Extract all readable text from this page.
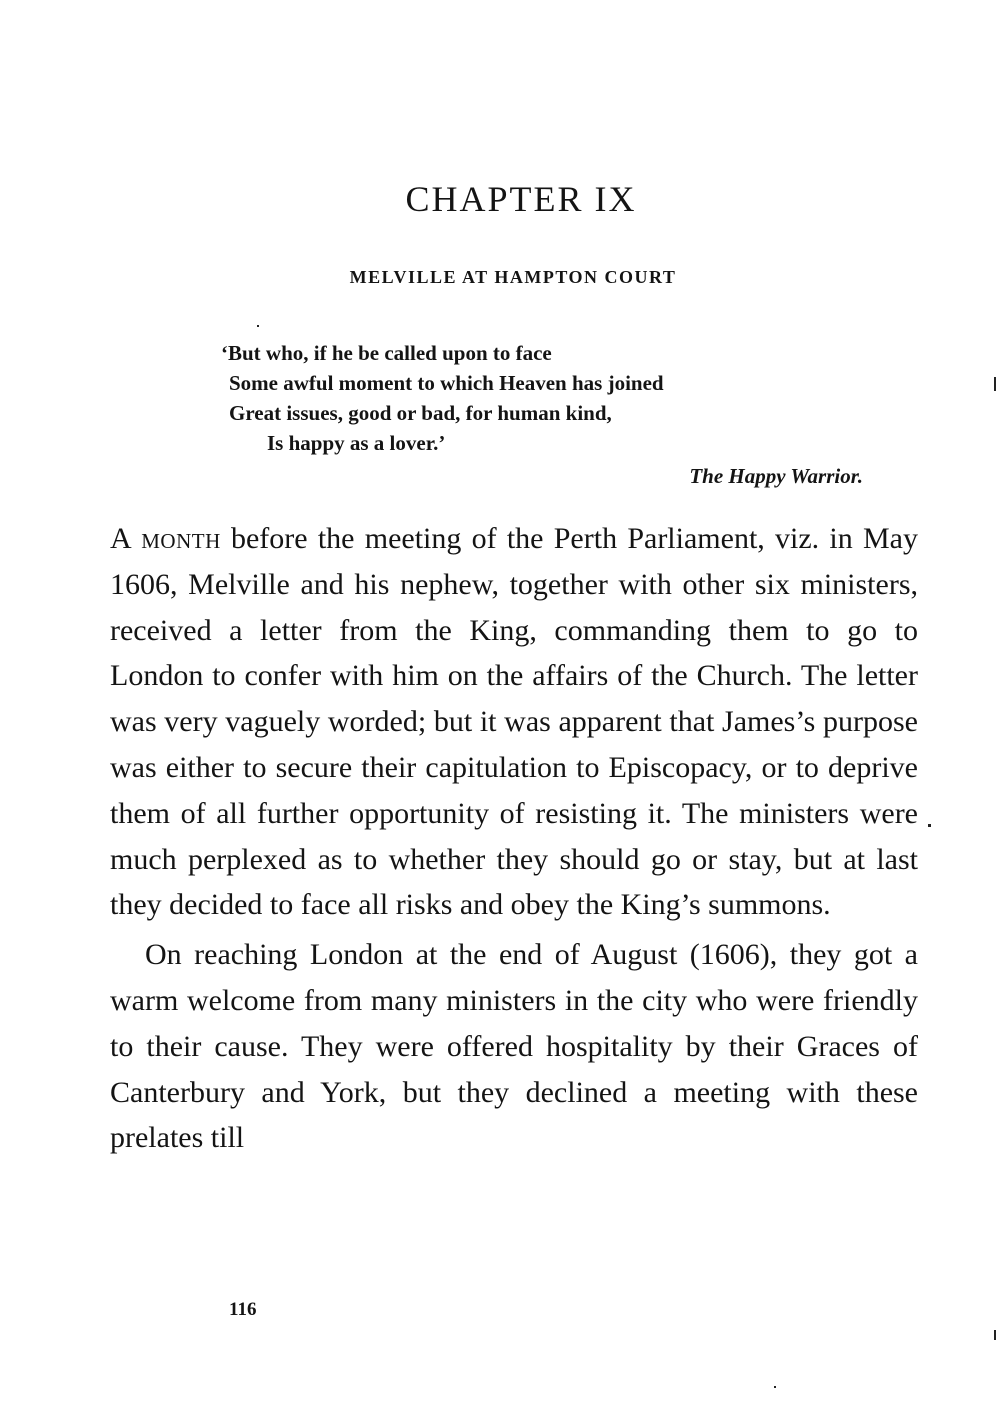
CHAPTER IX
MELVILLE AT HAMPTON COURT
‘But who, if he be called upon to face
Some awful moment to which Heaven has joined
Great issues, good or bad, for human kind,
Is happy as a lover.’
The Happy Warrior.

A month before the meeting of the Perth Parliament, viz. in May 1606, Melville and his nephew, together with other six ministers, received a letter from the King, commanding them to go to London to confer with him on the affairs of the Church. The letter was very vaguely worded; but it was apparent that James’s purpose was either to secure their capitulation to Episcopacy, or to deprive them of all further opportunity of resisting it. The ministers were much perplexed as to whether they should go or stay, but at last they decided to face all risks and obey the King’s summons.

On reaching London at the end of August (1606), they got a warm welcome from many ministers in the city who were friendly to their cause. They were offered hospitality by their Graces of Canterbury and York, but they declined a meeting with these prelates till

116
